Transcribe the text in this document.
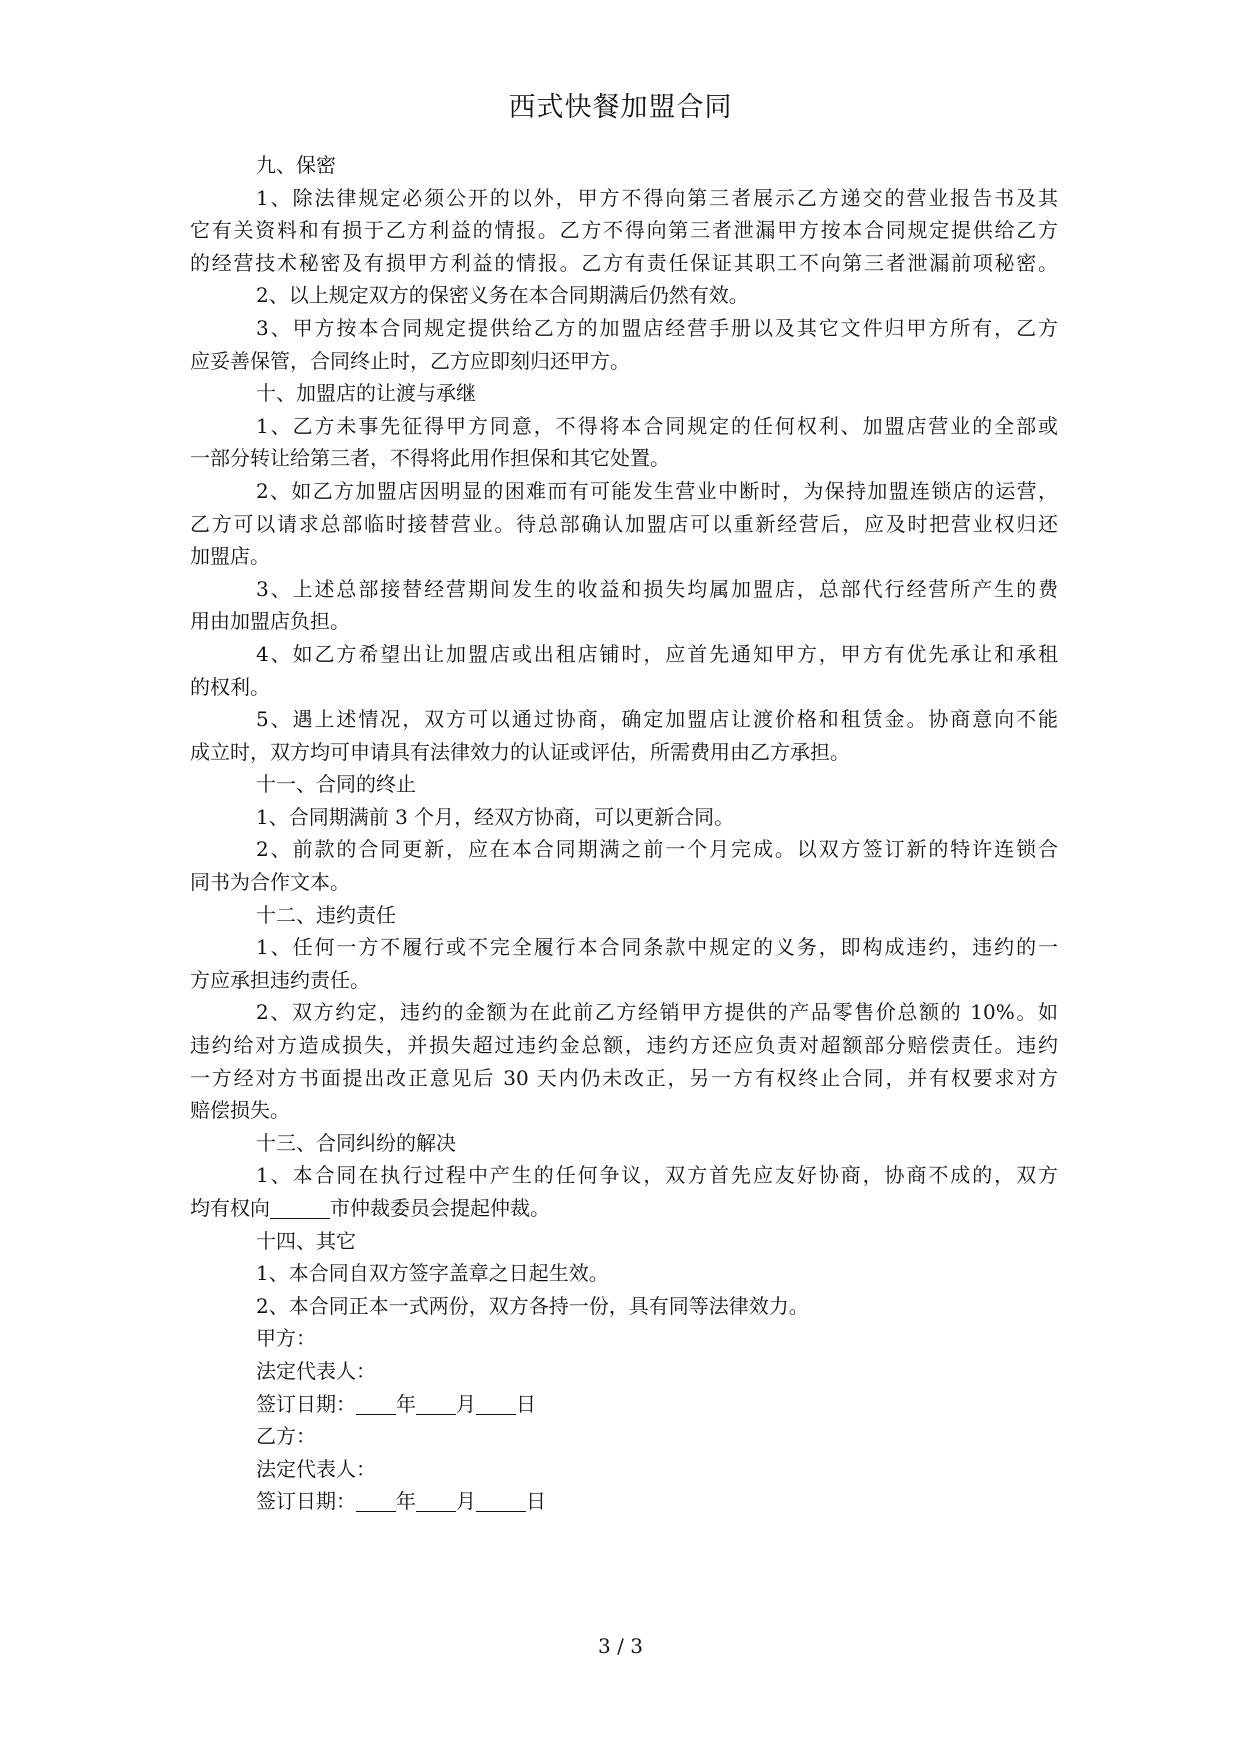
西式快餐加盟合同
九、保密
1、除法律规定必须公开的以外，甲方不得向第三者展示乙方递交的营业报告书及其
它有关资料和有损于乙方利益的情报。乙方不得向第三者泄漏甲方按本合同规定提供给乙方
的经营技术秘密及有损甲方利益的情报。乙方有责任保证其职工不向第三者泄漏前项秘密。
2、以上规定双方的保密义务在本合同期满后仍然有效。
3、甲方按本合同规定提供给乙方的加盟店经营手册以及其它文件归甲方所有，乙方
应妥善保管，合同终止时，乙方应即刻归还甲方。
十、加盟店的让渡与承继
1、乙方未事先征得甲方同意，不得将本合同规定的任何权利、加盟店营业的全部或
一部分转让给第三者，不得将此用作担保和其它处置。
2、如乙方加盟店因明显的困难而有可能发生营业中断时，为保持加盟连锁店的运营，
乙方可以请求总部临时接替营业。待总部确认加盟店可以重新经营后，应及时把营业权归还
加盟店。
3、上述总部接替经营期间发生的收益和损失均属加盟店，总部代行经营所产生的费
用由加盟店负担。
4、如乙方希望出让加盟店或出租店铺时，应首先通知甲方，甲方有优先承让和承租
的权利。
5、遇上述情况，双方可以通过协商，确定加盟店让渡价格和租赁金。协商意向不能
成立时，双方均可申请具有法律效力的认证或评估，所需费用由乙方承担。
十一、合同的终止
1、合同期满前 3 个月，经双方协商，可以更新合同。
2、前款的合同更新，应在本合同期满之前一个月完成。以双方签订新的特许连锁合
同书为合作文本。
十二、违约责任
1、任何一方不履行或不完全履行本合同条款中规定的义务，即构成违约，违约的一
方应承担违约责任。
2、双方约定，违约的金额为在此前乙方经销甲方提供的产品零售价总额的 10%。如
违约给对方造成损失，并损失超过违约金总额，违约方还应负责对超额部分赔偿责任。违约
一方经对方书面提出改正意见后 30 天内仍未改正，另一方有权终止合同，并有权要求对方
赔偿损失。
十三、合同纠纷的解决
1、本合同在执行过程中产生的任何争议，双方首先应友好协商，协商不成的，双方
均有权向	市仲裁委员会提起仲裁。
十四、其它
1、本合同自双方签字盖章之日起生效。
2、本合同正本一式两份，双方各持一份，具有同等法律效力。
甲方：
法定代表人：
签订日期： 年 月 日
乙方：
法定代表人：
签订日期： 年 月	日
3 / 3
